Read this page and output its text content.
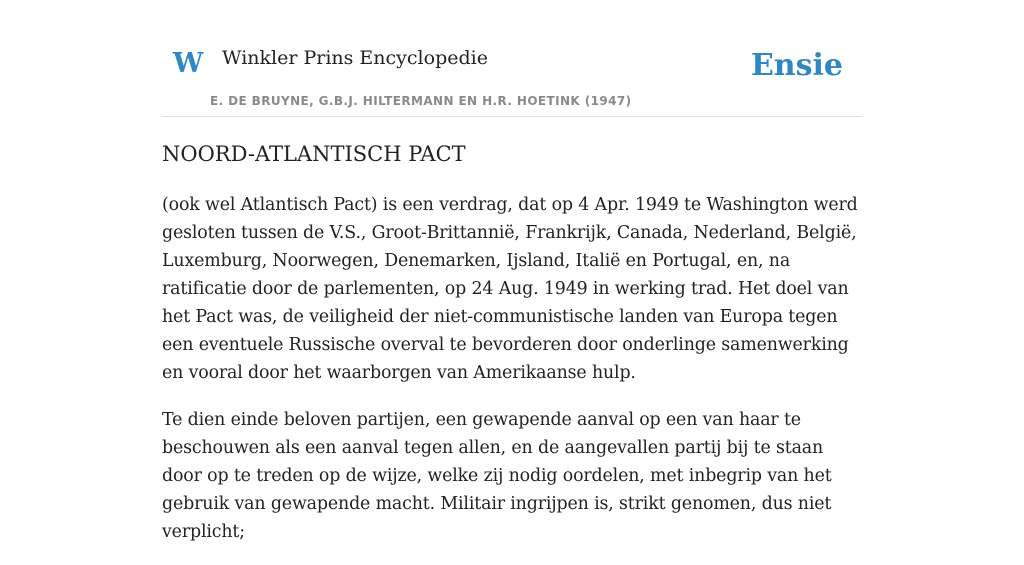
W Winkler Prins Encyclopedie
E. DE BRUYNE, G.B.J. HILTERMANN EN H.R. HOETINK (1947)
Ensie
NOORD-ATLANTISCH PACT

(ook wel Atlantisch Pact) is een verdrag, dat op 4 Apr. 1949 te Washington werd gesloten tussen de V.S., Groot-Brittannië, Frankrijk, Canada, Nederland, België, Luxemburg, Noorwegen, Denemarken, Ijsland, Italië en Portugal, en, na ratificatie door de parlementen, op 24 Aug. 1949 in werking trad. Het doel van het Pact was, de veiligheid der niet-communistische landen van Europa tegen een eventuele Russische overval te bevorderen door onderlinge samenwerking en vooral door het waarborgen van Amerikaanse hulp.

Te dien einde beloven partijen, een gewapende aanval op een van haar te beschouwen als een aanval tegen allen, en de aangevallen partij bij te staan door op te treden op de wijze, welke zij nodig oordelen, met inbegrip van het gebruik van gewapende macht. Militair ingrijpen is, strikt genomen, dus niet verplicht;
